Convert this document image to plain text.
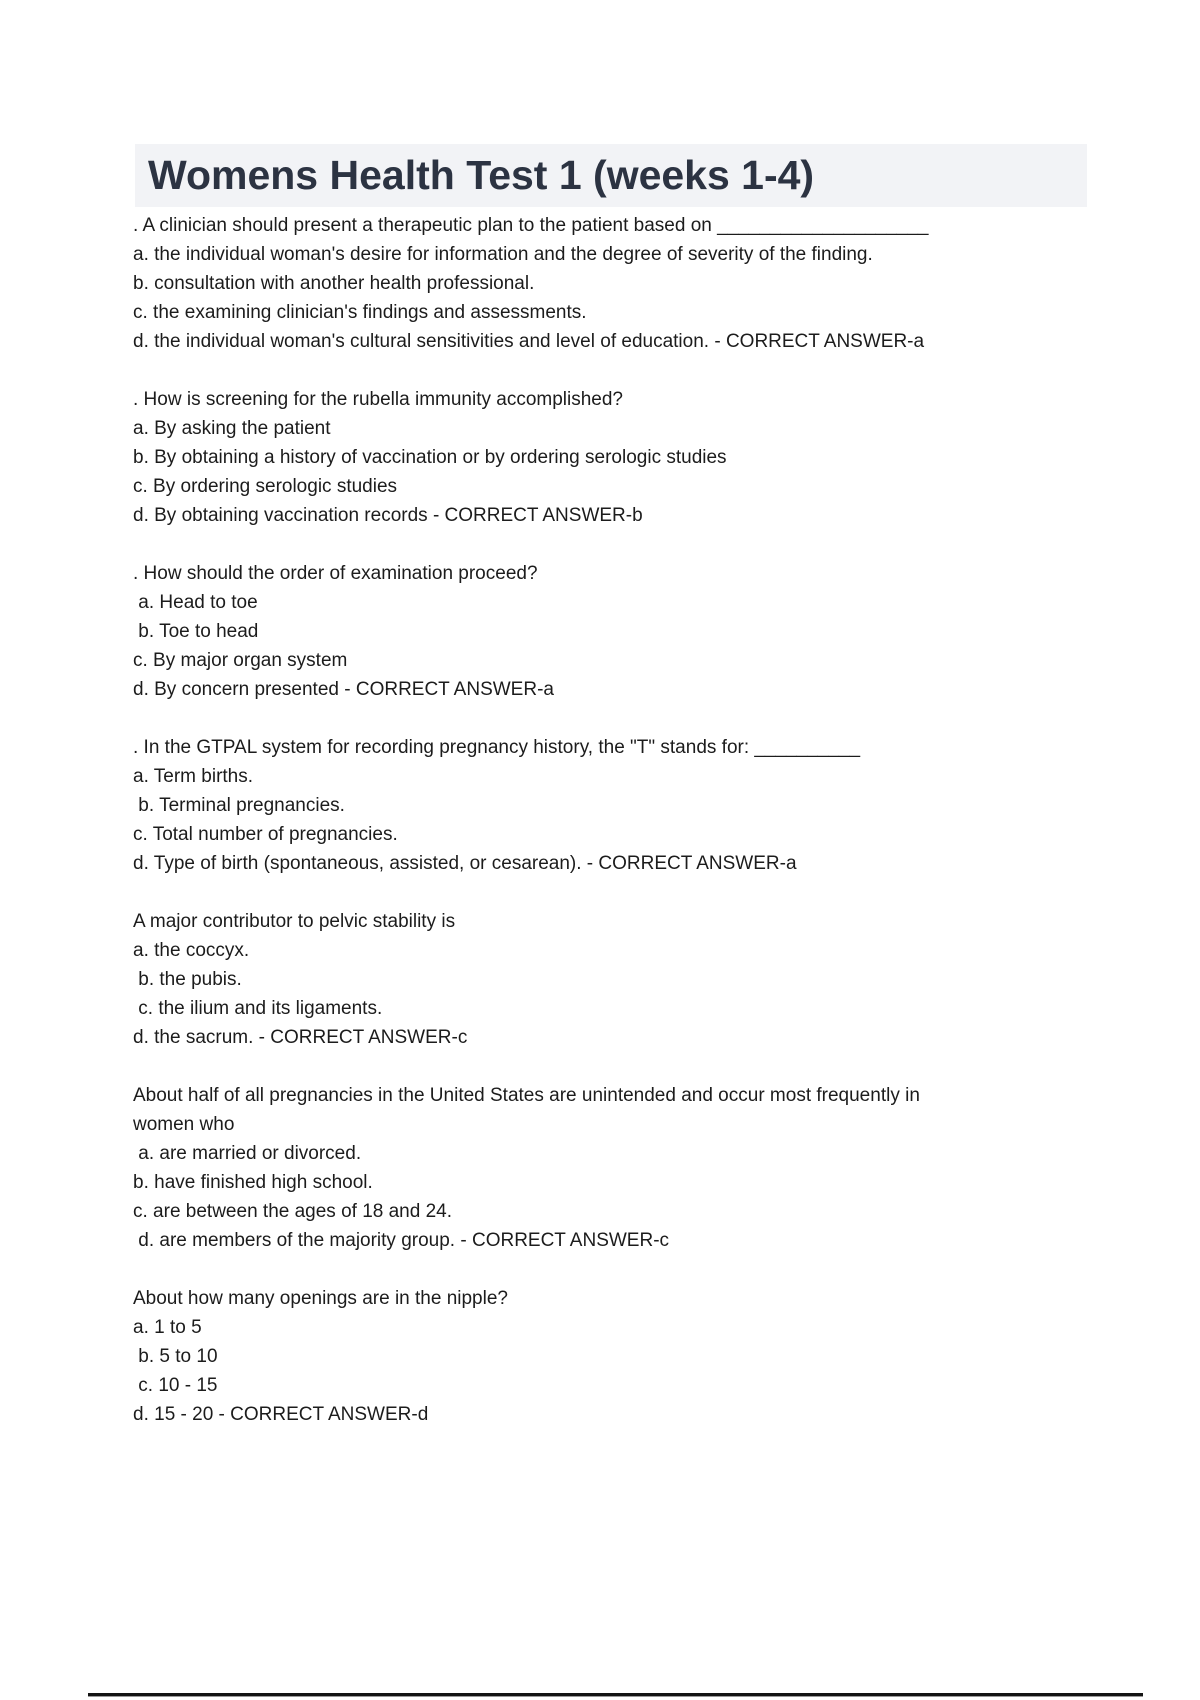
Womens Health Test 1 (weeks 1-4)

. A clinician should present a therapeutic plan to the patient based on ____________________

a. the individual woman's desire for information and the degree of severity of the finding.

b. consultation with another health professional.

c. the examining clinician's findings and assessments.

d. the individual woman's cultural sensitivities and level of education. - CORRECT ANSWER-a

. How is screening for the rubella immunity accomplished?

a. By asking the patient

b. By obtaining a history of vaccination or by ordering serologic studies

c. By ordering serologic studies

d. By obtaining vaccination records - CORRECT ANSWER-b

. How should the order of examination proceed?

a. Head to toe

b. Toe to head

c. By major organ system

d. By concern presented - CORRECT ANSWER-a

. In the GTPAL system for recording pregnancy history, the "T" stands for: __________

a. Term births.

b. Terminal pregnancies.

c. Total number of pregnancies.

d. Type of birth (spontaneous, assisted, or cesarean). - CORRECT ANSWER-a

A major contributor to pelvic stability is

a. the coccyx.

b. the pubis.

c. the ilium and its ligaments.

d. the sacrum. - CORRECT ANSWER-c

About half of all pregnancies in the United States are unintended and occur most frequently in

women who

a. are married or divorced.

b. have finished high school.

c. are between the ages of 18 and 24.

d. are members of the majority group. - CORRECT ANSWER-c

About how many openings are in the nipple?

a. 1 to 5

b. 5 to 10

c. 10 - 15

d. 15 - 20 - CORRECT ANSWER-d
